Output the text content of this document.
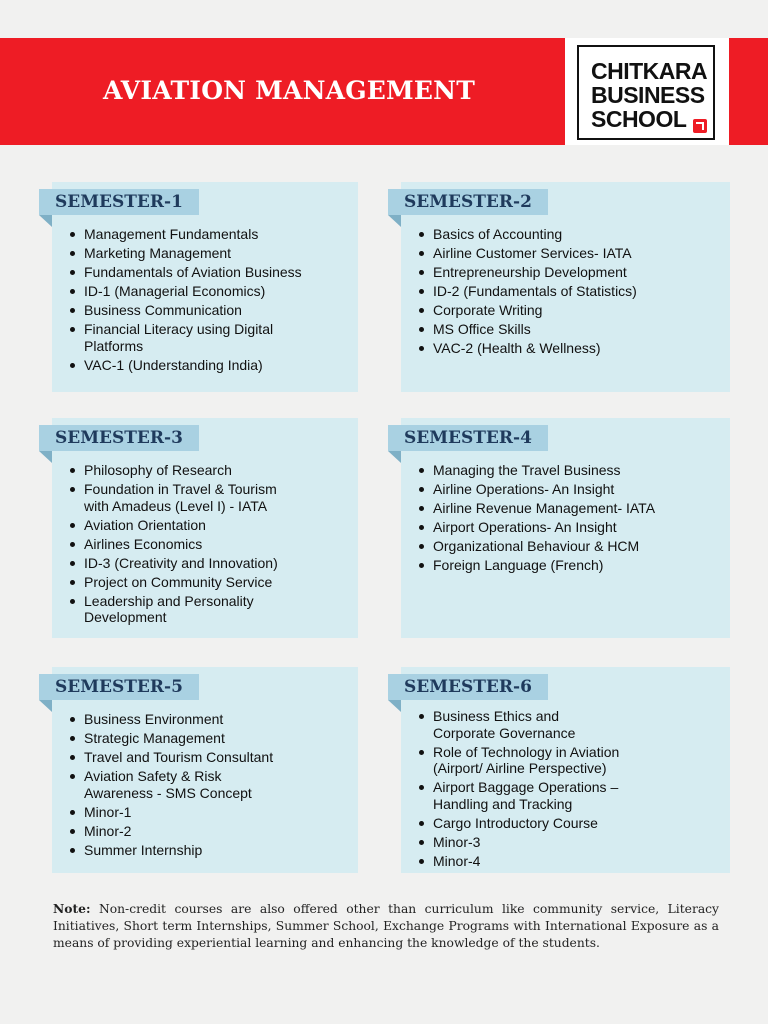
AVIATION MANAGEMENT
CHITKARA
BUSINESS
SCHOOL
SEMESTER-1
Management Fundamentals
Marketing Management
Fundamentals of Aviation Business
ID-1 (Managerial Economics)
Business Communication
Financial Literacy using Digital Platforms
VAC-1 (Understanding India)
SEMESTER-2
Basics of Accounting
Airline Customer Services- IATA
Entrepreneurship Development
ID-2 (Fundamentals of Statistics)
Corporate Writing
MS Office Skills
VAC-2 (Health & Wellness)
SEMESTER-3
Philosophy of Research
Foundation in Travel & Tourism with Amadeus (Level I) - IATA
Aviation Orientation
Airlines Economics
ID-3 (Creativity and Innovation)
Project on Community Service
Leadership and Personality Development
SEMESTER-4
Managing the Travel Business
Airline Operations- An Insight
Airline Revenue Management- IATA
Airport Operations- An Insight
Organizational Behaviour & HCM
Foreign Language (French)
SEMESTER-5
Business Environment
Strategic Management
Travel and Tourism Consultant
Aviation Safety & Risk Awareness - SMS Concept
Minor-1
Minor-2
Summer Internship
SEMESTER-6
Business Ethics and Corporate Governance
Role of Technology in Aviation (Airport/ Airline Perspective)
Airport Baggage Operations – Handling and Tracking
Cargo Introductory Course
Minor-3
Minor-4

Note: Non-credit courses are also offered other than curriculum like community service, Literacy Initiatives, Short term Internships, Summer School, Exchange Programs with International Exposure as a means of providing experiential learning and enhancing the knowledge of the students.
